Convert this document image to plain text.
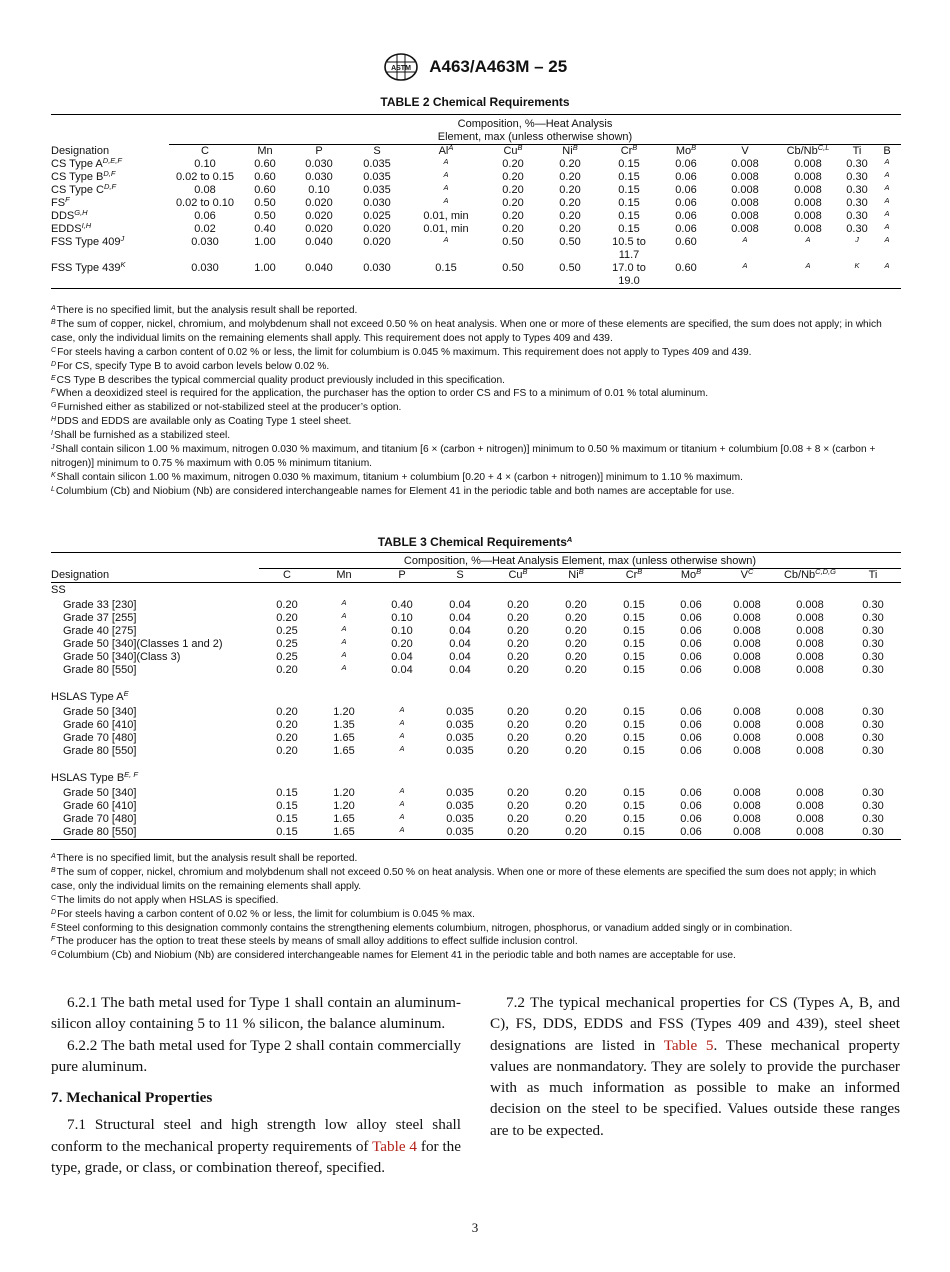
ASTM A463/A463M – 25
TABLE 2 Chemical Requirements
	Composition, %—Heat Analysis												
	Element, max (unless otherwise shown)												
Designation	C	Mn	P	S	$Al^A$	$Cu^B$	$Ni^B$	$Cr^B$	$Mo^B$	V	$Cb/Nb^{C,L}$	Ti	B
CS Type $A^{D,E,F}$	0.10	0.60	0.030	0.035	A	0.20	0.20	0.15	0.06	0.008	0.008	0.30	A
CS Type $B^{D,F}$	0.02 to 0.15	0.60	0.030	0.035	A	0.20	0.20	0.15	0.06	0.008	0.008	0.30	A
CS Type $C^{D,F}$	0.08	0.60	0.10	0.035	A	0.20	0.20	0.15	0.06	0.008	0.008	0.30	A
$FS^F$	0.02 to 0.10	0.50	0.020	0.030	A	0.20	0.20	0.15	0.06	0.008	0.008	0.30	A
$DDS^{G,H}$	0.06	0.50	0.020	0.025	0.01, min	0.20	0.20	0.15	0.06	0.008	0.008	0.30	A
$EDDS^{I,H}$	0.02	0.40	0.020	0.020	0.01, min	0.20	0.20	0.15	0.06	0.008	0.008	0.30	A
FSS Type $409^J$	0.030	1.00	0.040	0.020	A	0.50	0.50	10.5 to 11.7	0.60	A	A	J	A
FSS Type $439^K$	0.030	1.00	0.040	0.030	0.15	0.50	0.50	17.0 to 19.0	0.60	A	A	K	A

$^A$There is no specified limit, but the analysis result shall be reported.

$^B$The sum of copper, nickel, chromium, and molybdenum shall not exceed 0.50 % on heat analysis. When one or more of these elements are specified, the sum does not apply; in which case, only the individual limits on the remaining elements shall apply. This requirement does not apply to Types 409 and 439.

$^C$For steels having a carbon content of 0.02 % or less, the limit for columbium is 0.045 % maximum. This requirement does not apply to Types 409 and 439.

$^D$For CS, specify Type B to avoid carbon levels below 0.02 %.

$^E$CS Type B describes the typical commercial quality product previously included in this specification.

$^F$When a deoxidized steel is required for the application, the purchaser has the option to order CS and FS to a minimum of 0.01 % total aluminum.

$^G$Furnished either as stabilized or not-stabilized steel at the producer’s option.

$^H$DDS and EDDS are available only as Coating Type 1 steel sheet.

$^I$Shall be furnished as a stabilized steel.

$^J$Shall contain silicon 1.00 % maximum, nitrogen 0.030 % maximum, and titanium [6 × (carbon + nitrogen)] minimum to 0.50 % maximum or titanium + columbium [0.08 + 8 × (carbon + nitrogen)] minimum to 0.75 % maximum with 0.05 % minimum titanium.

$^K$Shall contain silicon 1.00 % maximum, nitrogen 0.030 % maximum, titanium + columbium [0.20 + 4 × (carbon + nitrogen)] minimum to 1.10 % maximum.

$^L$Columbium (Cb) and Niobium (Nb) are considered interchangeable names for Element 41 in the periodic table and both names are acceptable for use.

TABLE 3 Chemical Requirements$^A$
	Composition, %—Heat Analysis Element, max (unless otherwise shown)										
Designation	C	Mn	P	S	$Cu^B$	$Ni^B$	$Cr^B$	$Mo^B$	$V^C$	$Cb/Nb^{C,D,G}$	Ti
SS											
Grade 33 [230]	0.20	A	0.40	0.04	0.20	0.20	0.15	0.06	0.008	0.008	0.30
Grade 37 [255]	0.20	A	0.10	0.04	0.20	0.20	0.15	0.06	0.008	0.008	0.30
Grade 40 [275]	0.25	A	0.10	0.04	0.20	0.20	0.15	0.06	0.008	0.008	0.30
Grade 50 [340](Classes 1 and 2)	0.25	A	0.20	0.04	0.20	0.20	0.15	0.06	0.008	0.008	0.30
Grade 50 [340](Class 3)	0.25	A	0.04	0.04	0.20	0.20	0.15	0.06	0.008	0.008	0.30
Grade 80 [550]	0.20	A	0.04	0.04	0.20	0.20	0.15	0.06	0.008	0.008	0.30
HSLAS Type $A^E$
Grade 50 [340]	0.20	1.20	A	0.035	0.20	0.20	0.15	0.06	0.008	0.008	0.30
Grade 60 [410]	0.20	1.35	A	0.035	0.20	0.20	0.15	0.06	0.008	0.008	0.30
Grade 70 [480]	0.20	1.65	A	0.035	0.20	0.20	0.15	0.06	0.008	0.008	0.30
Grade 80 [550]	0.20	1.65	A	0.035	0.20	0.20	0.15	0.06	0.008	0.008	0.30
HSLAS Type $B^{E, F}$
Grade 50 [340]	0.15	1.20	A	0.035	0.20	0.20	0.15	0.06	0.008	0.008	0.30
Grade 60 [410]	0.15	1.20	A	0.035	0.20	0.20	0.15	0.06	0.008	0.008	0.30
Grade 70 [480]	0.15	1.65	A	0.035	0.20	0.20	0.15	0.06	0.008	0.008	0.30
Grade 80 [550]	0.15	1.65	A	0.035	0.20	0.20	0.15	0.06	0.008	0.008	0.30

$^A$There is no specified limit, but the analysis result shall be reported.

$^B$The sum of copper, nickel, chromium and molybdenum shall not exceed 0.50 % on heat analysis. When one or more of these elements are specified the sum does not apply; in which case, only the individual limits on the remaining elements shall apply.

$^C$The limits do not apply when HSLAS is specified.

$^D$For steels having a carbon content of 0.02 % or less, the limit for columbium is 0.045 % max.

$^E$Steel conforming to this designation commonly contains the strengthening elements columbium, nitrogen, phosphorus, or vanadium added singly or in combination.

$^F$The producer has the option to treat these steels by means of small alloy additions to effect sulfide inclusion control.

$^G$Columbium (Cb) and Niobium (Nb) are considered interchangeable names for Element 41 in the periodic table and both names are acceptable for use.

6.2.1 The bath metal used for Type 1 shall contain an aluminum-silicon alloy containing 5 to 11 % silicon, the balance aluminum.

6.2.2 The bath metal used for Type 2 shall contain commercially pure aluminum.

7. Mechanical Properties

7.1 Structural steel and high strength low alloy steel shall conform to the mechanical property requirements of Table 4 for the type, grade, or class, or combination thereof, specified.

7.2 The typical mechanical properties for CS (Types A, B, and C), FS, DDS, EDDS and FSS (Types 409 and 439), steel sheet designations are listed in Table 5. These mechanical property values are nonmandatory. They are solely to provide the purchaser with as much information as possible to make an informed decision on the steel to be specified. Values outside these ranges are to be expected.

3
